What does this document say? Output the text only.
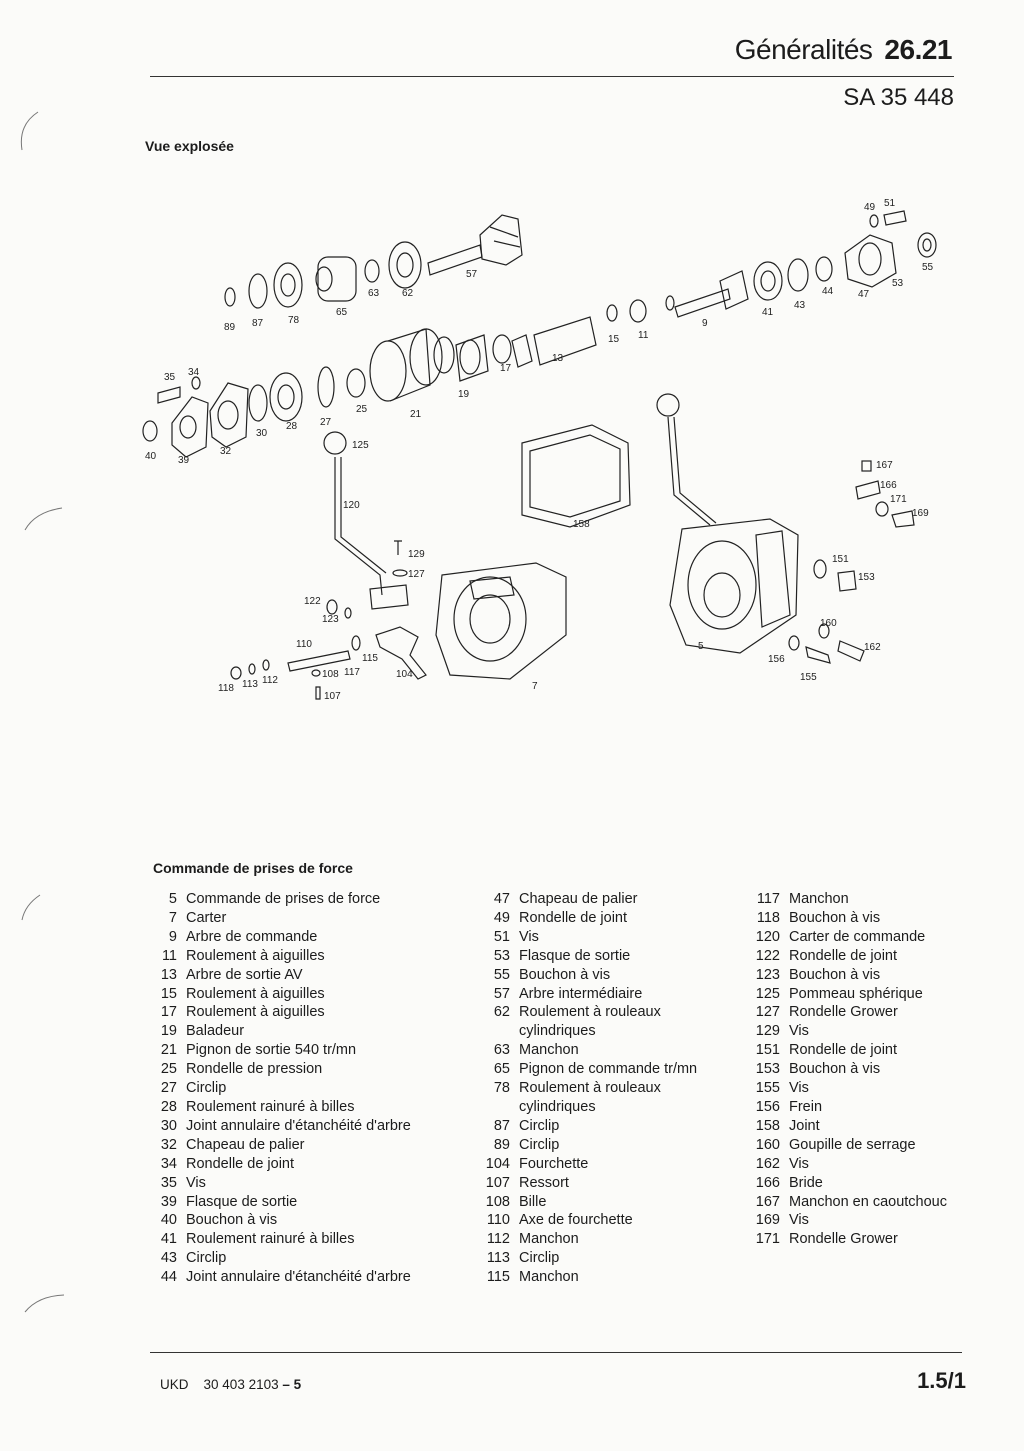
Généralités 26.21
SA 35 448
Vue explosée
89 87 78
65
63 62
57
15 11
9
41
43
44 47
53
55
49 51
35 34
40 39
32
30
28 27
25	21
19
17
13
125
120
158
167
166
171
169
129
127
122
123
110
115
118 113 112
108 117	104
107
7
5
151
153
160
162
156
155
Commande de prises de force
5 Commande de prises de force
7 Carter
9 Arbre de commande
11 Roulement à aiguilles
13 Arbre de sortie AV
15 Roulement à aiguilles
17 Roulement à aiguilles
19 Baladeur
21 Pignon de sortie 540 tr/mn
25 Rondelle de pression
27 Circlip
28 Roulement rainuré à billes
30 Joint annulaire d'étanchéité d'arbre
32 Chapeau de palier
34 Rondelle de joint
35 Vis
39 Flasque de sortie
40 Bouchon à vis
41 Roulement rainuré à billes
43 Circlip
44 Joint annulaire d'étanchéité d'arbre
47 Chapeau de palier
49 Rondelle de joint
51 Vis
53 Flasque de sortie
55 Bouchon à vis
57 Arbre intermédiaire
62 Roulement à rouleaux cylindriques
63 Manchon
65 Pignon de commande tr/mn
78 Roulement à rouleaux cylindriques
87 Circlip
89 Circlip
104 Fourchette
107 Ressort
108 Bille
110 Axe de fourchette
112 Manchon
113 Circlip
115 Manchon
117 Manchon
118 Bouchon à vis
120 Carter de commande
122 Rondelle de joint
123 Bouchon à vis
125 Pommeau sphérique
127 Rondelle Grower
129 Vis
151 Rondelle de joint
153 Bouchon à vis
155 Vis
156 Frein
158 Joint
160 Goupille de serrage
162 Vis
166 Bride
167 Manchon en caoutchouc
169 Vis
171 Rondelle Grower
UKD 30 403 2103 – 5	1.5/1
